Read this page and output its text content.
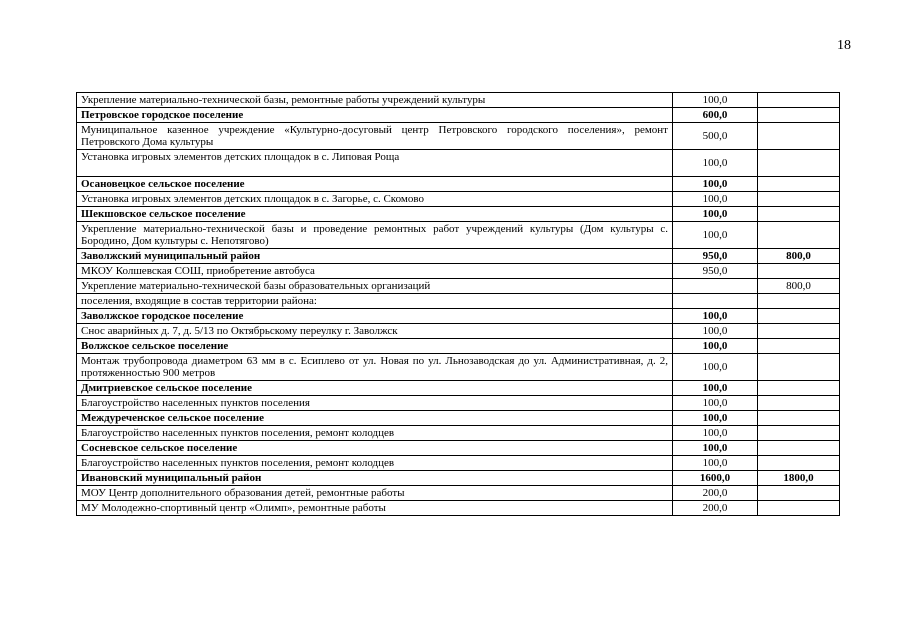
18
Укрепление материально-технической базы, ремонтные работы учреждений культуры	100,0	
Петровское городское поселение	600,0	
Муниципальное казенное учреждение «Культурно-досуговый центр Петровского городского поселения», ремонт Петровского Дома культуры	500,0	
Установка игровых элементов детских площадок в с. Липовая Роща	100,0	
Осановецкое сельское поселение	100,0	
Установка игровых элементов детских площадок в с. Загорье, с. Скомово	100,0	
Шекшовское сельское поселение	100,0	
Укрепление материально-технической базы и проведение ремонтных работ учреждений культуры (Дом культуры с. Бородино, Дом культуры с. Непотягово)	100,0	
Заволжский муниципальный район	950,0	800,0
МКОУ Колшевская СОШ, приобретение автобуса	950,0	
Укрепление материально-технической базы образовательных организаций		800,0
поселения, входящие в состав территории района:		
Заволжское городское поселение	100,0	
Снос аварийных д. 7, д. 5/13 по Октябрьскому переулку г. Заволжск	100,0	
Волжское сельское поселение	100,0	
Монтаж трубопровода диаметром 63 мм в с. Есиплево от ул. Новая по ул. Льнозаводская до ул. Административная, д. 2, протяженностью 900 метров	100,0	
Дмитриевское сельское поселение	100,0	
Благоустройство населенных пунктов поселения	100,0	
Междуреченское сельское поселение	100,0	
Благоустройство населенных пунктов поселения, ремонт колодцев	100,0	
Сосневское сельское поселение	100,0	
Благоустройство населенных пунктов поселения, ремонт колодцев	100,0	
Ивановский муниципальный район	1600,0	1800,0
МОУ Центр дополнительного образования детей, ремонтные работы	200,0	
МУ Молодежно-спортивный центр «Олимп», ремонтные работы	200,0	
